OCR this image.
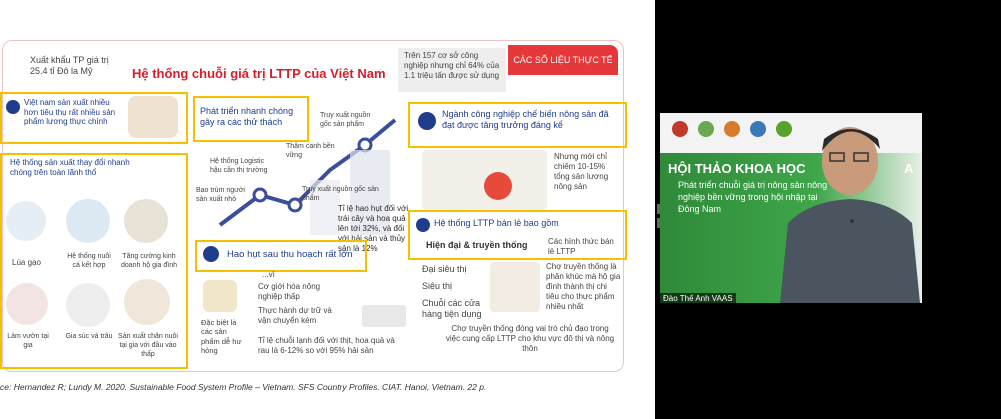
Xuất khẩu TP giá trị 25.4 tỉ Đô la Mỹ	Hệ thống chuỗi giá trị LTTP của Việt Nam
Trên 157 cơ sở công nghiệp nhưng chỉ 64% của 1.1 triệu tấn được sử dụng
CÁC SỐ LIỆU THỰC TẾ
Việt nam sản xuất nhiều hơn tiêu thụ rất nhiều sản phẩm lương thực chính
Hệ thống sản xuất thay đổi nhanh chóng trên toàn lãnh thổ
Lúa gạo
Hệ thống nuôi cá kết hợp
Tăng cường kinh doanh hộ gia đình
Làm vườn tại gia
Gia súc và trâu Sản xuất chăn nuôi tại gia với đầu vào thấp
Phát triển nhanh chóng gây ra các thử thách
Truy xuất nguồn gốc sản phẩm
Thâm canh bền vững
Hệ thống Logistic hậu cần thị trường
Bao trùm người sản xuất nhỏ
Truy xuất nguồn gốc sản phẩm
Tỉ lệ hao hụt đối với trái cây và hoa quả lên tới 32%, và đối với hải sản và thủy sản là 12%
Hao hụt sau thu hoạch rất lớn
...vì
Đặc biệt là các sản phẩm dễ hư hỏng
Cơ giới hóa nông nghiệp thấp
Thực hành dự trữ và vận chuyển kém
Tỉ lệ chuỗi lạnh đối với thịt, hoa quả và rau là 6-12% so với 95% hải sản
Ngành công nghiệp chế biến nông sản đã đạt được tăng trưởng đáng kể
Nhưng mới chỉ chiếm 10-15% tổng sản lượng nông sản
Hệ thống LTTP bán lẻ bao gồm
Hiện đại & truyền thống	Các hình thức bán lẻ LTTP
Đại siêu thị
Siêu thị
Chuỗi các cửa hàng tiện dụng
Chợ truyền thống là phân khúc mà hộ gia đình thành thị chi tiêu cho thực phẩm nhiều nhất
Chợ truyền thống đóng vai trò chủ đạo trong việc cung cấp LTTP cho khu vực đô thị và nông thôn
ce: Hernandez R; Lundy M. 2020. Sustainable Food System Profile – Vietnam. SFS Country Profiles. CIAT. Hanoi, Vietnam. 22 p.
HỘI THẢO KHOA HỌC	A
Phát triển chuỗi giá trị nông sản nông nghiệp bền vững trong hội nhập tại Đông Nam
Đào Thế Anh VAAS
